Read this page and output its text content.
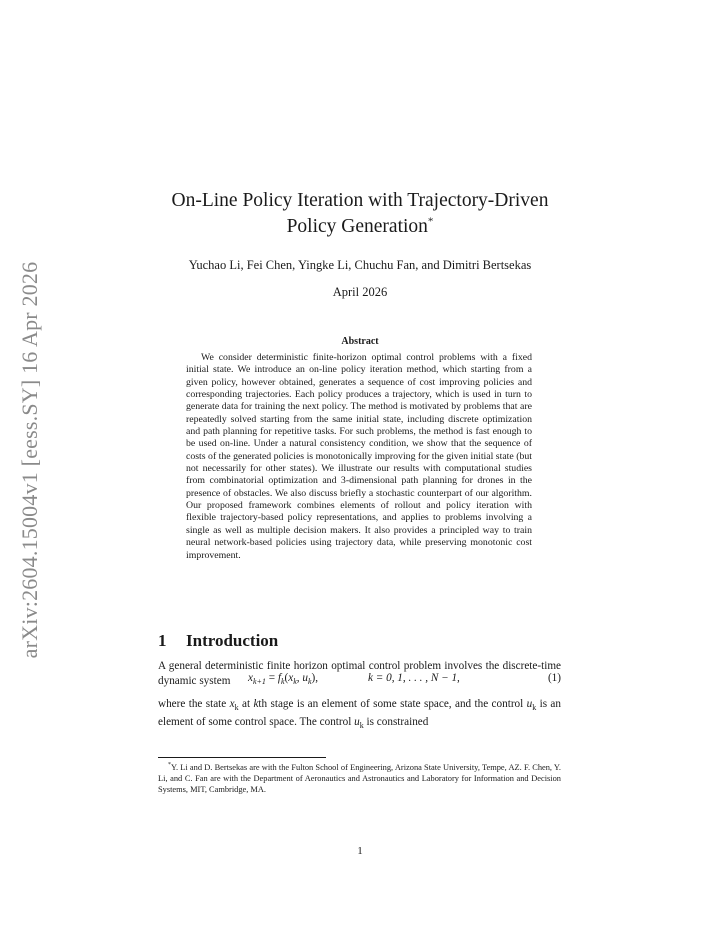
arXiv:2604.15004v1 [eess.SY] 16 Apr 2026
On-Line Policy Iteration with Trajectory-Driven
Policy Generation*
Yuchao Li, Fei Chen, Yingke Li, Chuchu Fan, and Dimitri Bertsekas
April 2026
Abstract

We consider deterministic finite-horizon optimal control problems with a fixed initial state. We introduce an on-line policy iteration method, which starting from a given policy, however obtained, generates a sequence of cost improving policies and corresponding trajectories. Each policy produces a trajectory, which is used in turn to generate data for training the next policy. The method is motivated by problems that are repeatedly solved starting from the same initial state, including discrete optimization and path planning for repetitive tasks. For such problems, the method is fast enough to be used on-line. Under a natural consistency condition, we show that the sequence of costs of the generated policies is monotonically improving for the given initial state (but not necessarily for other states). We illustrate our results with computational studies from combinatorial optimization and 3-dimensional path planning for drones in the presence of obstacles. We also discuss briefly a stochastic counterpart of our algorithm. Our proposed framework combines elements of rollout and policy iteration with flexible trajectory-based policy representations, and applies to problems involving a single as well as multiple decision makers. It also provides a principled way to train neural network-based policies using trajectory data, while preserving monotonic cost improvement.

1 Introduction

A general deterministic finite horizon optimal control problem involves the discrete-time dynamic system	$x_{k+1} = f_k(x_k$, $u_k$),	k = 0, 1, . . . , N − 1,	(1)

where the state $x_k$ at kth stage is an element of some state space, and the control $u_k$ is an element of some control space. The control $u_k$ is constrained

*Y. Li and D. Bertsekas are with the Fulton School of Engineering, Arizona State University, Tempe, AZ. F. Chen, Y. Li, and C. Fan are with the Department of Aeronautics and Astronautics and Laboratory for Information and Decision Systems, MIT, Cambridge, MA.

1
